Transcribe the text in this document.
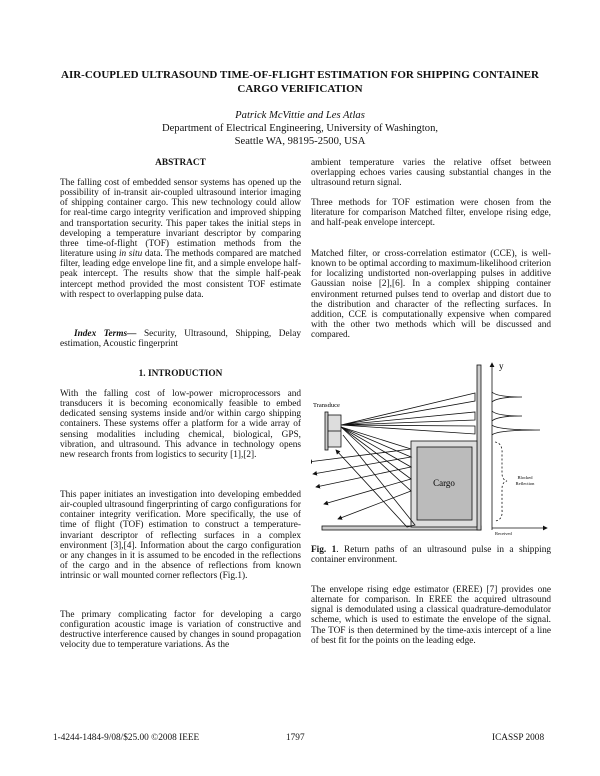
AIR-COUPLED ULTRASOUND TIME-OF-FLIGHT ESTIMATION FOR SHIPPING CONTAINER CARGO VERIFICATION
Patrick McVittie and Les Atlas
Department of Electrical Engineering, University of Washington,
Seattle WA, 98195-2500, USA
ABSTRACT
The falling cost of embedded sensor systems has opened up the possibility of in-transit air-coupled ultrasound interior imaging of shipping container cargo. This new technology could allow for real-time cargo integrity verification and improved shipping and transportation security. This paper takes the initial steps in developing a temperature invariant descriptor by comparing three time-of-flight (TOF) estimation methods from the literature using in situ data. The methods compared are matched filter, leading edge envelope line fit, and a simple envelope half-peak intercept. The results show that the simple half-peak intercept method provided the most consistent TOF estimate with respect to overlapping pulse data.
Index Terms— Security, Ultrasound, Shipping, Delay estimation, Acoustic fingerprint
1. INTRODUCTION
With the falling cost of low-power microprocessors and transducers it is becoming economically feasible to embed dedicated sensing systems inside and/or within cargo shipping containers. These systems offer a platform for a wide array of sensing modalities including chemical, biological, GPS, vibration, and ultrasound. This advance in technology opens new research fronts from logistics to security [1],[2].
This paper initiates an investigation into developing embedded air-coupled ultrasound fingerprinting of cargo configurations for container integrity verification. More specifically, the use of time of flight (TOF) estimation to construct a temperature-invariant descriptor of reflecting surfaces in a complex environment [3],[4]. Information about the cargo configuration or any changes in it is assumed to be encoded in the reflections of the cargo and in the absence of reflections from known intrinsic or wall mounted corner reflectors (Fig.1).
The primary complicating factor for developing a cargo configuration acoustic image is variation of constructive and destructive interference caused by changes in sound propagation velocity due to temperature variations. As the
ambient temperature varies the relative offset between overlapping echoes varies causing substantial changes in the ultrasound return signal.
Three methods for TOF estimation were chosen from the literature for comparison Matched filter, envelope rising edge, and half-peak envelope intercept.
Matched filter, or cross-correlation estimator (CCE), is well-known to be optimal according to maximum-likelihood criterion for localizing undistorted non-overlapping pulses in additive Gaussian noise [2],[6]. In a complex shipping container environment returned pulses tend to overlap and distort due to the distribution and character of the reflecting surfaces. In addition, CCE is computationally expensive when compared with the other two methods which will be discussed and compared.
Transduce
Cargo
y
Blocked
Reflection
Received
Fig. 1. Return paths of an ultrasound pulse in a shipping container environment.
The envelope rising edge estimator (EREE) [7] provides one alternate for comparison. In EREE the acquired ultrasound signal is demodulated using a classical quadrature-demodulator scheme, which is used to estimate the envelope of the signal. The TOF is then determined by the time-axis intercept of a line of best fit for the points on the leading edge.
1-4244-1484-9/08/$25.00 ©2008 IEEE	1797	ICASSP 2008
